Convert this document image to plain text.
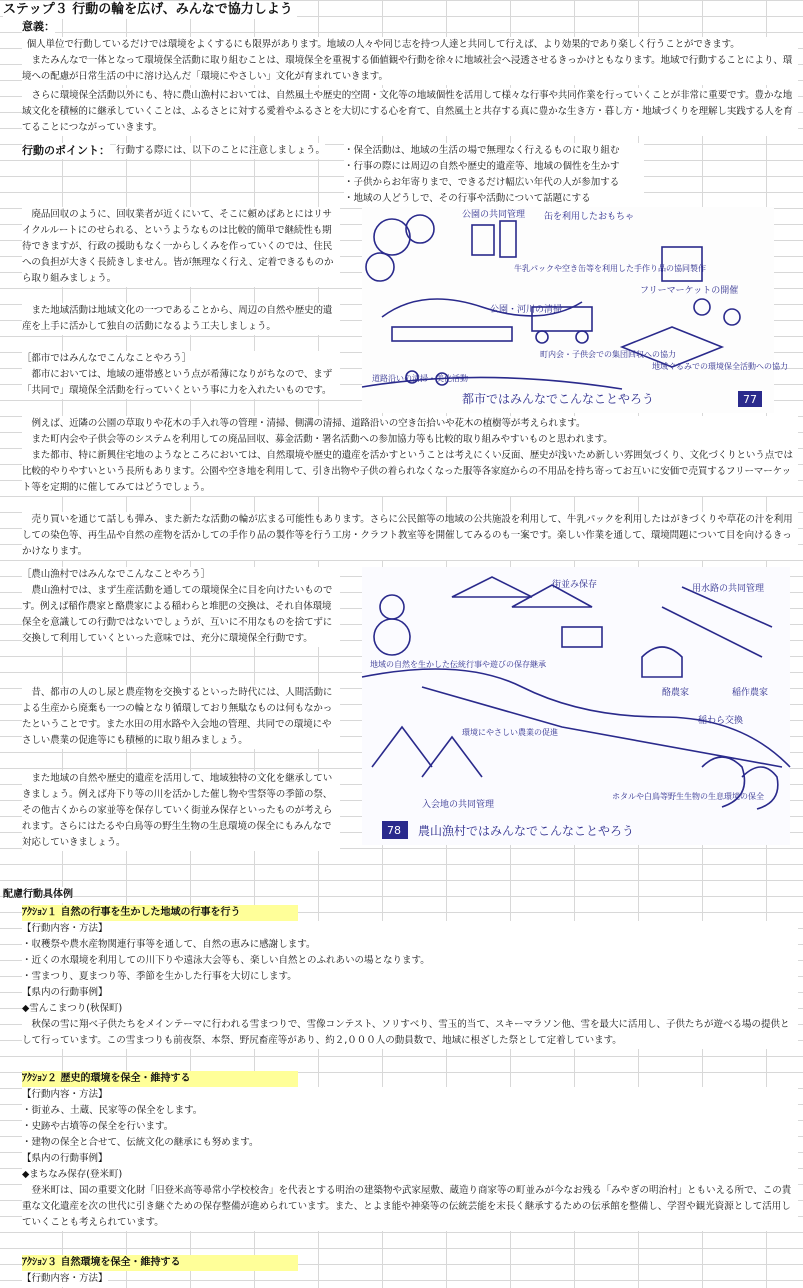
ステップ３ 行動の輪を広げ、みんなで協力しよう
意義：

個人単位で行動しているだけでは環境をよくするにも限界があります。地域の人々や同じ志を持つ人達と共同して行えば、より効果的であり楽しく行うことができます。

またみんなで一体となって環境保全活動に取り組むことは、環境保全を重視する価値観や行動を徐々に地域社会へ浸透させるきっかけともなります。地域で行動することにより、環境への配慮が日常生活の中に溶け込んだ「環境にやさしい」文化が育まれていきます。

さらに環境保全活動以外にも、特に農山漁村においては、自然風土や歴史的空間・文化等の地域個性を活用して様々な行事や共同作業を行っていくことが非常に重要です。豊かな地域文化を積極的に継承していくことは、ふるさとに対する愛着やふるさとを大切にする心を育て、自然風土と共存する真に豊かな生き方・暮し方・地域づくりを理解し実践する人を育てることにつながっていきます。

行動のポイント： 行動する際には、以下のことに注意しましょう。 ・保全活動は、地域の生活の場で無理なく行えるものに取り組む
・行事の際には周辺の自然や歴史的遺産等、地域の個性を生かす
・子供からお年寄りまで、できるだけ幅広い年代の人が参加する
・地域の人どうしで、その行事や活動について話題にする

廃品回収のように、回収業者が近くにいて、そこに頼めばあとにはリサイクルルートにのせられる、というようなものは比較的簡単で継続性も期待できますが、行政の援助もなく一からしくみを作っていくのでは、住民への負担が大きく長続きしません。皆が無理なく行え、定着できるものから取り組みましょう。

また地域活動は地域文化の一つであることから、周辺の自然や歴史的遺産を上手に活かして独自の活動になるよう工夫しましょう。

［都市ではみんなでこんなことやろう］

都市においては、地域の連帯感という点が希薄になりがちなので、まず「共同で」環境保全活動を行っていくという事に力を入れたいものです。

公園の共同管理 缶を利用したおもちゃ
牛乳パックや空き缶等を利用した手作り品の協同製作
フリーマーケットの開催
公園・河川の清掃
町内会・子供会での集団回収への協力
道路沿いの清掃・美化活動
地域ぐるみでの環境保全活動への協力
都市ではみんなでこんなことやろう	77

例えば、近隣の公園の草取りや花木の手入れ等の管理・清掃、側溝の清掃、道路沿いの空き缶拾いや花木の植樹等が考えられます。

また町内会や子供会等のシステムを利用しての廃品回収、募金活動・署名活動への参加協力等も比較的取り組みやすいものと思われます。

また都市、特に新興住宅地のようなところにおいては、自然環境や歴史的遺産を活かすということは考えにくい反面、歴史が浅いため新しい雰囲気づくり、文化づくりという点では比較的やりやすいという長所もあります。公園や空き地を利用して、引き出物や子供の着られなくなった服等各家庭からの不用品を持ち寄ってお互いに安価で売買するフリーマーケット等を定期的に催してみてはどうでしょう。

売り買いを通じて話しも弾み、また新たな活動の輪が広まる可能性もあります。さらに公民館等の地域の公共施設を利用して、牛乳パックを利用したはがきづくりや草花の汁を利用しての染色等、再生品や自然の産物を活かしての手作り品の製作等を行う工房・クラフト教室等を開催してみるのも一案です。楽しい作業を通して、環境問題について目を向けるきっかけなります。

［農山漁村ではみんなでこんなことやろう］

農山漁村では、まず生産活動を通しての環境保全に目を向けたいものです。例えば稲作農家と酪農家による稲わらと堆肥の交換は、それ自体環境保全を意識しての行動ではないでしょうが、互いに不用なものを捨てずに交換して利用していくといった意味では、充分に環境保全行動です。

昔、都市の人のし尿と農産物を交換するといった時代には、人間活動による生産から廃棄も一つの輪となり循環しており無駄なものは何もなかったということです。また水田の用水路や入会地の管理、共同での環境にやさしい農業の促進等にも積極的に取り組みましょう。

また地域の自然や歴史的遺産を活用して、地域独特の文化を継承していきましょう。例えば舟下り等の川を活かした催し物や雪祭等の季節の祭、その他古くからの家並等を保存していく街並み保存といったものが考えられます。さらにはたるや白鳥等の野生生物の生息環境の保全にもみんなで対応していきましょう。

街並み保存	用水路の共同管理
地域の自然を生かした伝統行事や遊びの保存継承
酪農家	稲作農家
稲わら交換
環境にやさしい農業の促進
入会地の共同管理
ホタルや白鳥等野生生物の生息環境の保全
農山漁村ではみんなでこんなことやろう
78
配慮行動具体例
ｱｸｼｮﾝ１ 自然の行事を生かした地域の行事を行う
【行動内容・方法】
・収穫祭や農水産物関連行事等を通して、自然の恵みに感謝します。
・近くの水環境を利用しての川下りや遠泳大会等も、楽しい自然とのふれあいの場となります。
・雪まつり、夏まつり等、季節を生かした行事を大切にします。
【県内の行動事例】
◆雪んこまつり(秋保町)
秋保の雪に翔べ子供たちをメインテーマに行われる雪まつりで、雪像コンテスト、ソリすべり、雪玉的当て、スキーマラソン他、雪を最大に活用し、子供たちが遊べる場の提供として行っています。この雪まつりも前夜祭、本祭、野尻畜産等があり、約２,０００人の動員数で、地域に根ざした祭として定着しています。
ｱｸｼｮﾝ２ 歴史的環境を保全・維持する
【行動内容・方法】
・街並み、土蔵、民家等の保全をします。
・史跡や古墳等の保全を行います。
・建物の保全と合せて、伝統文化の継承にも努めます。
【県内の行動事例】
◆まちなみ保存(登米町)
登米町は、国の重要文化財「旧登米高等尋常小学校校舎」を代表とする明治の建築物や武家屋敷、蔵造り商家等の町並みが今なお残る「みやぎの明治村」ともいえる所で、この貴重な文化遺産を次の世代に引き継ぐための保存整備が進められています。また、とよま能や神楽等の伝統芸能を末長く継承するための伝承館を整備し、学習や観光資源として活用していくことも考えられています。
ｱｸｼｮﾝ３ 自然環境を保全・維持する
【行動内容・方法】
